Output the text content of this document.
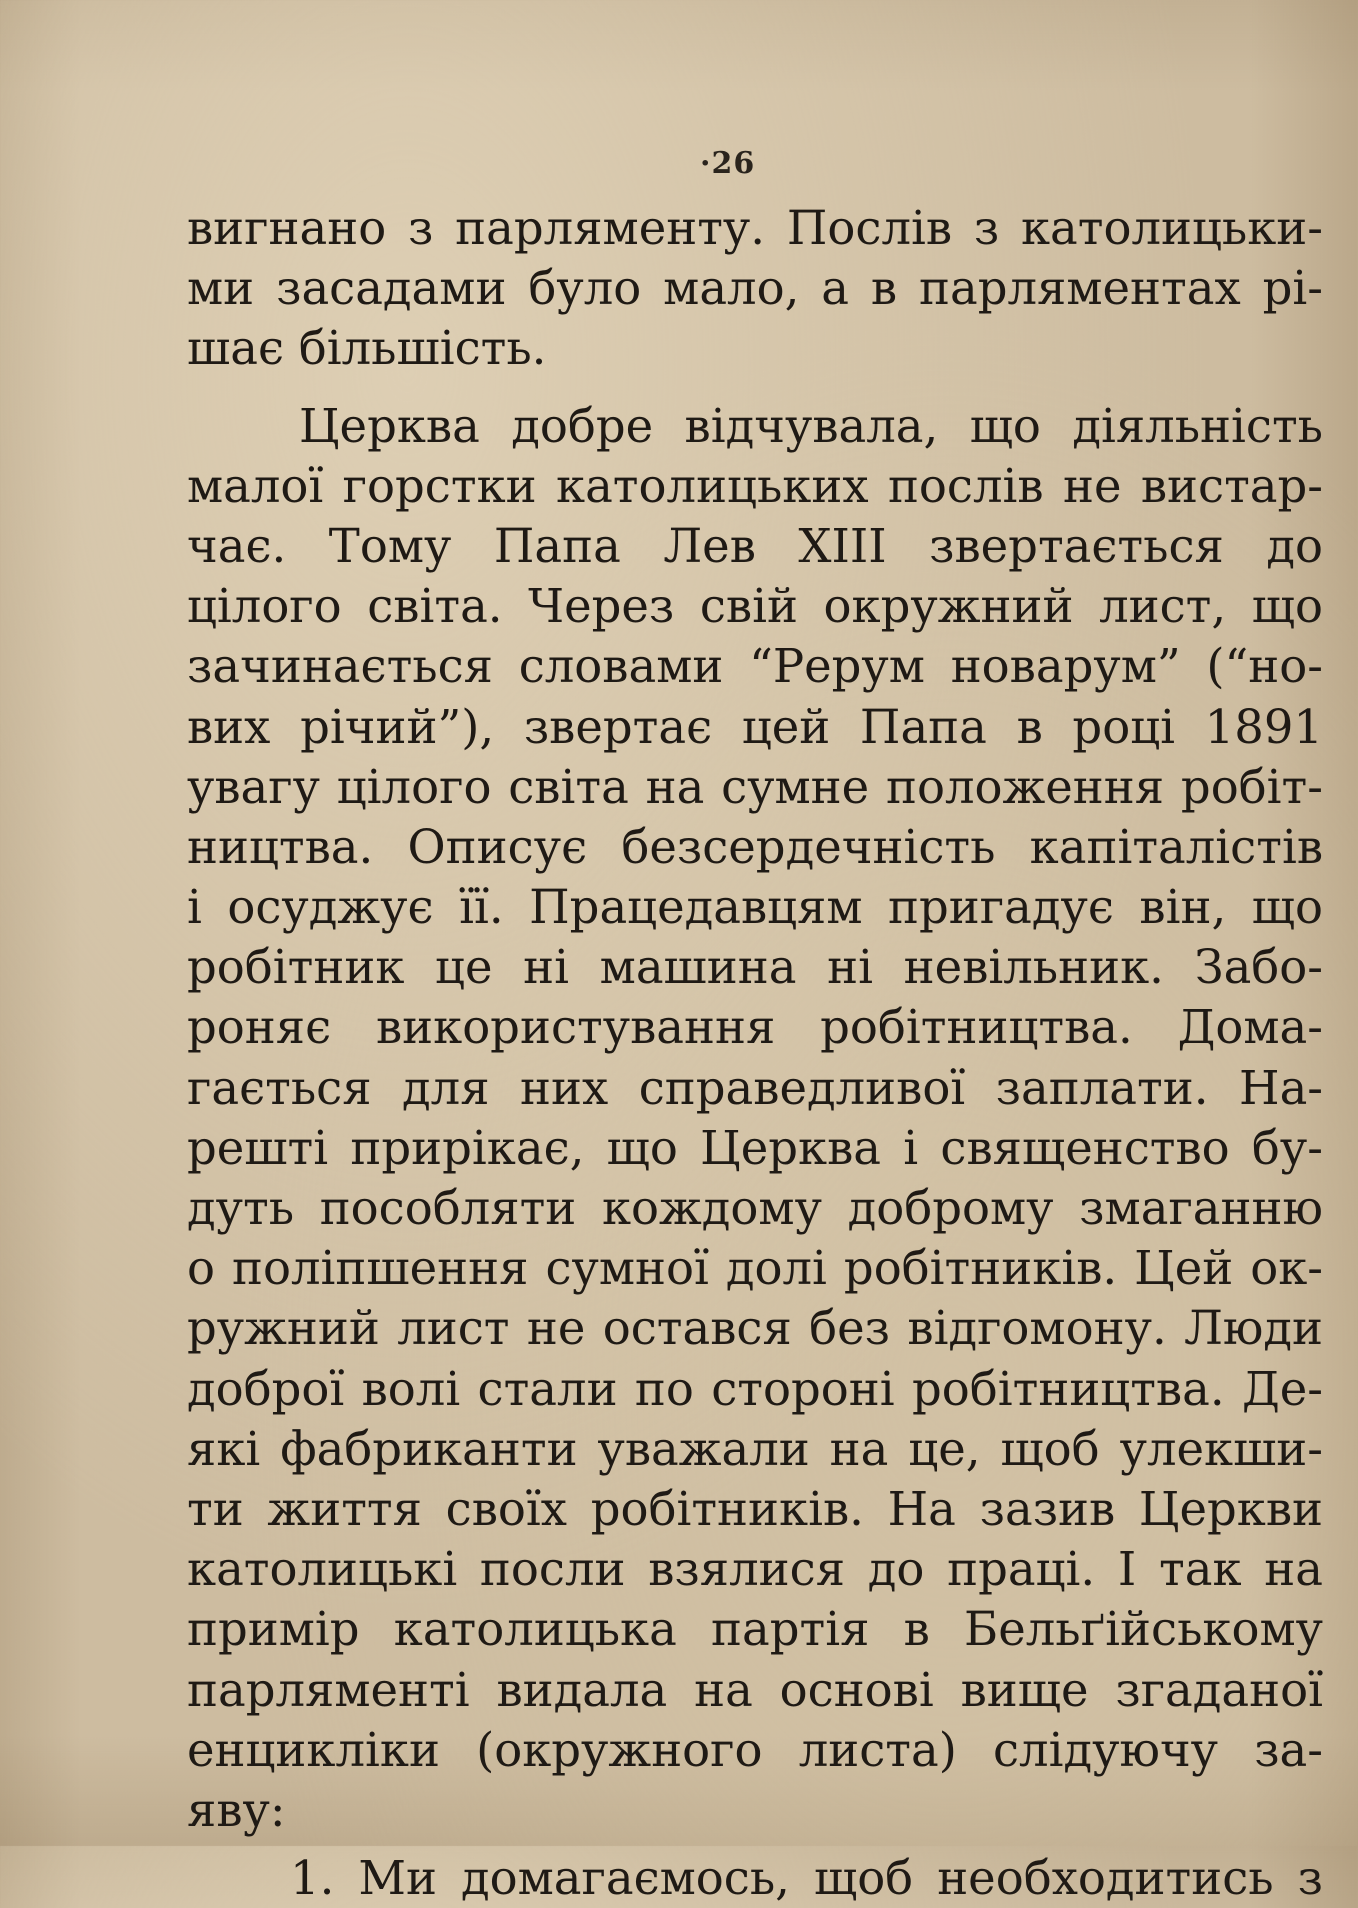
·26
вигнано з парляменту. Послів з католицьки-
ми засадами було мало, а в парляментах рі-
шає більшість.
Церква добре відчувала, що діяльність
малої горстки католицьких послів не вистар-
чає. Тому Папа Лев XIII звертається до
цілого світа. Через свій окружний лист, що
зачинається словами “Рерум новарум” (“но-
вих річий”), звертає цей Папа в році 1891
увагу цілого світа на сумне положення робіт-
ництва. Описує безсердечність капіталістів
і осуджує її. Працедавцям пригадує він, що
робітник це ні машина ні невільник. Забо-
роняє використування робітництва. Дома-
гається для них справедливої заплати. На-
решті прирікає, що Церква і священство бу-
дуть пособляти кождому доброму змаганню
о поліпшення сумної долі робітників. Цей ок-
ружний лист не остався без відгомону. Люди
доброї волі стали по стороні робітництва. Де-
які фабриканти уважали на це, щоб улекши-
ти життя своїх робітників. На зазив Церкви
католицькі посли взялися до праці. І так на
примір католицька партія в Бельґійському
парляменті видала на основі вище згаданої
енцикліки (окружного листа) слідуючу за-
яву:
1. Ми домагаємось, щоб необходитись з
